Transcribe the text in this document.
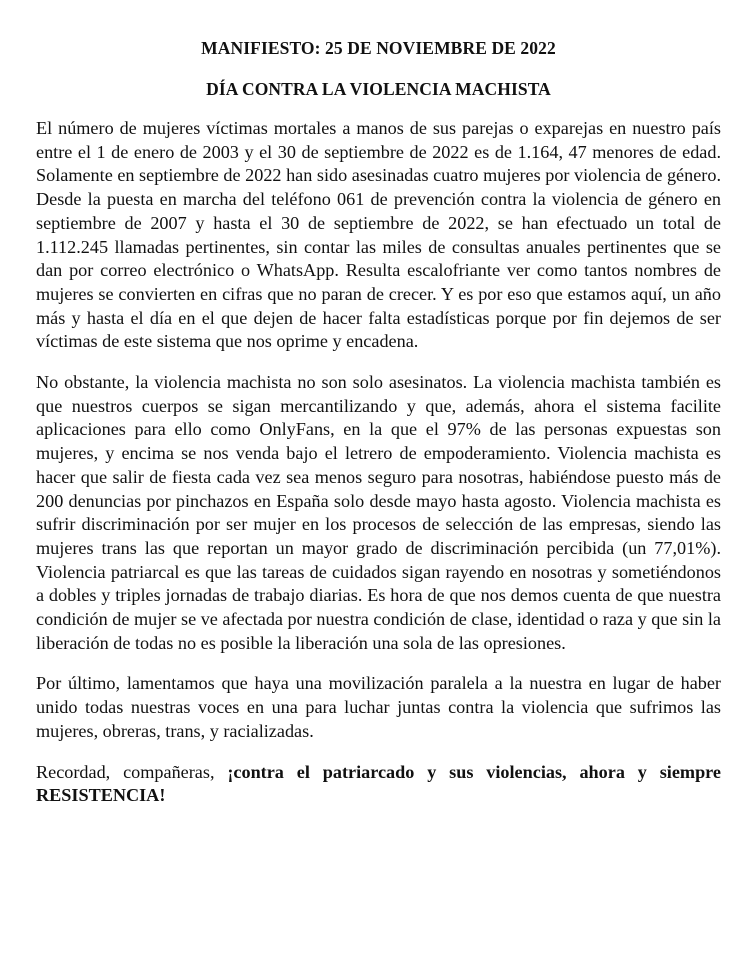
MANIFIESTO: 25 DE NOVIEMBRE DE 2022
DÍA CONTRA LA VIOLENCIA MACHISTA

El número de mujeres víctimas mortales a manos de sus parejas o exparejas en nuestro país entre el 1 de enero de 2003 y el 30 de septiembre de 2022 es de 1.164, 47 menores de edad. Solamente en septiembre de 2022 han sido asesinadas cuatro mujeres por violencia de género. Desde la puesta en marcha del teléfono 061 de prevención contra la violencia de género en septiembre de 2007 y hasta el 30 de septiembre de 2022, se han efectuado un total de 1.112.245 llamadas pertinentes, sin contar las miles de consultas anuales pertinentes que se dan por correo electrónico o WhatsApp. Resulta escalofriante ver como tantos nombres de mujeres se convierten en cifras que no paran de crecer. Y es por eso que estamos aquí, un año más y hasta el día en el que dejen de hacer falta estadísticas porque por fin dejemos de ser víctimas de este sistema que nos oprime y encadena.

No obstante, la violencia machista no son solo asesinatos. La violencia machista también es que nuestros cuerpos se sigan mercantilizando y que, además, ahora el sistema facilite aplicaciones para ello como OnlyFans, en la que el 97% de las personas expuestas son mujeres, y encima se nos venda bajo el letrero de empoderamiento. Violencia machista es hacer que salir de fiesta cada vez sea menos seguro para nosotras, habiéndose puesto más de 200 denuncias por pinchazos en España solo desde mayo hasta agosto. Violencia machista es sufrir discriminación por ser mujer en los procesos de selección de las empresas, siendo las mujeres trans las que reportan un mayor grado de discriminación percibida (un 77,01%). Violencia patriarcal es que las tareas de cuidados sigan rayendo en nosotras y sometiéndonos a dobles y triples jornadas de trabajo diarias. Es hora de que nos demos cuenta de que nuestra condición de mujer se ve afectada por nuestra condición de clase, identidad o raza y que sin la liberación de todas no es posible la liberación una sola de las opresiones.

Por último, lamentamos que haya una movilización paralela a la nuestra en lugar de haber unido todas nuestras voces en una para luchar juntas contra la violencia que sufrimos las mujeres, obreras, trans, y racializadas.

Recordad, compañeras, ¡contra el patriarcado y sus violencias, ahora y siempre RESISTENCIA!
